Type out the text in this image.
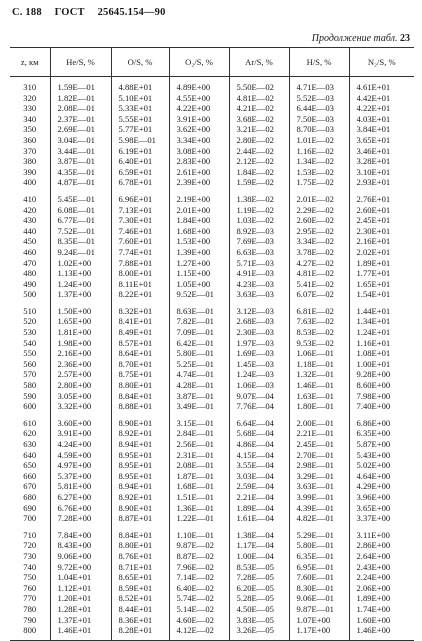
С. 188 ГОСТ 25645.154—90
Продолжение табл. 23
z, км	He/S, %	O/S, %	O₂/S, %	Ar/S, %	H/S, %	N₂/S, %

310	1.59E—01	4.88E+01	4.89E+00	5.50E—02	4.71E—03	4.61E+01
320	1.82E—01	5.10E+01	4.55E+00	4.81E—02	5.52E—03	4.42E+01
330	2.08E—01	5.33E+01	4.22E+00	4.21E—02	6.44E—03	4.22E+01
340	2.37E—01	5.55E+01	3.91E+00	3.68E—02	7.50E—03	4.03E+01
350	2.69E—01	5.77E+01	3.62E+00	3.21E—02	8.70E—03	3.84E+01
360	3.04E—01	5.98E—01	3.34E+00	2.80E—02	1.01E—02	3.65E+01
370	3.44E—01	6.19E+01	3.08E+00	2.44E—02	1.16E—02	3.46E+01
380	3.87E—01	6.40E+01	2.83E+00	2.12E—02	1.34E—02	3.28E+01
390	4.35E—01	6.59E+01	2.61E+00	1.84E—02	1.53E—02	3.10E+01
400	4.87E—01	6.78E+01	2.39E+00	1.59E—02	1.75E—02	2.93E+01

410	5.45E—01	6.96E+01	2.19E+00	1.38E—02	2.01E—02	2.76E+01
420	6.08E—01	7.13E+01	2.01E+00	1.19E—02	2.29E—02	2.60E+01
430	6.77E—01	7.30E+01	1.84E+00	1.03E—02	2.60E—02	2.45E+01
440	7.52E—01	7.46E+01	1.68E+00	8.92E—03	2.95E—02	2.30E+01
450	8.35E—01	7.60E+01	1.53E+00	7.69E—03	3.34E—02	2.16E+01
460	9.24E—01	7.74E+01	1.39E+00	6.63E—03	3.78E—02	2.02E+01
470	1.02E+00	7.88E+01	1.27E+00	5.71E—03	4.27E—02	1.89E+01
480	1.13E+00	8.00E+01	1.15E+00	4.91E—03	4.81E—02	1.77E+01
490	1.24E+00	8.11E+01	1.05E+00	4.23E—03	5.41E—02	1.65E+01
500	1.37E+00	8.22E+01	9.52E—01	3.63E—03	6.07E—02	1.54E+01

510	1.50E+00	8.32E+01	8.63E—01	3.12E—03	6.81E—02	1.44E+01
520	1.65E+00	8.41E+01	7.82E—01	2.68E—03	7.63E—02	1.34E+01
530	1.81E+00	8.49E+01	7.09E—01	2.30E—03	8.53E—02	1.24E+01
540	1.98E+00	8.57E+01	6.42E—01	1.97E—03	9.53E—02	1.16E+01
550	2.16E+00	8.64E+01	5.80E—01	1.69E—03	1.06E—01	1.08E+01
560	2.36E+00	8.70E+01	5.25E—01	1.45E—03	1.18E—01	1.00E+01
570	2.57E+00	8.75E+01	4.74E—01	1.24E—03	1.32E—01	9.28E+00
580	2.80E+00	8.80E+01	4.28E—01	1.06E—03	1.46E—01	8.60E+00
590	3.05E+00	8.84E+01	3.87E—01	9.07E—04	1.63E—01	7.98E+00
600	3.32E+00	8.88E+01	3.49E—01	7.76E—04	1.80E—01	7.40E+00

610	3.60E+00	8.90E+01	3.15E—01	6.64E—04	2.00E—01	6.86E+00
620	3.91E+00	8.92E+01	2.84E—01	5.68E—04	2.21E—01	6.35E+00
630	4.24E+00	8.94E+01	2.56E—01	4.86E—04	2.45E—01	5.87E+00
640	4.59E+00	8.95E+01	2.31E—01	4.15E—04	2.70E—01	5.43E+00
650	4.97E+00	8.95E+01	2.08E—01	3.55E—04	2.98E—01	5.02E+00
660	5.37E+00	8.95E+01	1.87E—01	3.03E—04	3.29E—01	4.64E+00
670	5.81E+00	8.94E+01	1.68E—01	2.59E—04	3.63E—01	4.29E+00
680	6.27E+00	8.92E+01	1.51E—01	2.21E—04	3.99E—01	3.96E+00
690	6.76E+00	8.90E+01	1.36E—01	1.89E—04	4.39E—01	3.65E+00
700	7.28E+00	8.87E+01	1.22E—01	1.61E—04	4.82E—01	3.37E+00

710	7.84E+00	8.84E+01	1.10E—01	1.38E—04	5.29E—01	3.11E+00
720	8.43E+00	8.80E+01	9.87E—02	1.17E—04	5.80E—01	2.86E+00
730	9.06E+00	8.76E+01	8.87E—02	1.00E—04	6.35E—01	2.64E+00
740	9.72E+00	8.71E+01	7.96E—02	8.53E—05	6.95E—01	2.43E+00
750	1.04E+01	8.65E+01	7.14E—02	7.28E—05	7.60E—01	2.24E+00
760	1.12E+01	8.59E+01	6.40E—02	6.20E—05	8.30E—01	2.06E+00
770	1.20E+01	8.52E+01	5.74E—02	5.28E—05	9.06E—01	1.89E+00
780	1.28E+01	8.44E+01	5.14E—02	4.50E—05	9.87E—01	1.74E+00
790	1.37E+01	8.36E+01	4.60E—02	3.83E—05	1.07E+00	1.60E+00
800	1.46E+01	8.28E+01	4.12E—02	3.26E—05	1.17E+00	1.46E+00
